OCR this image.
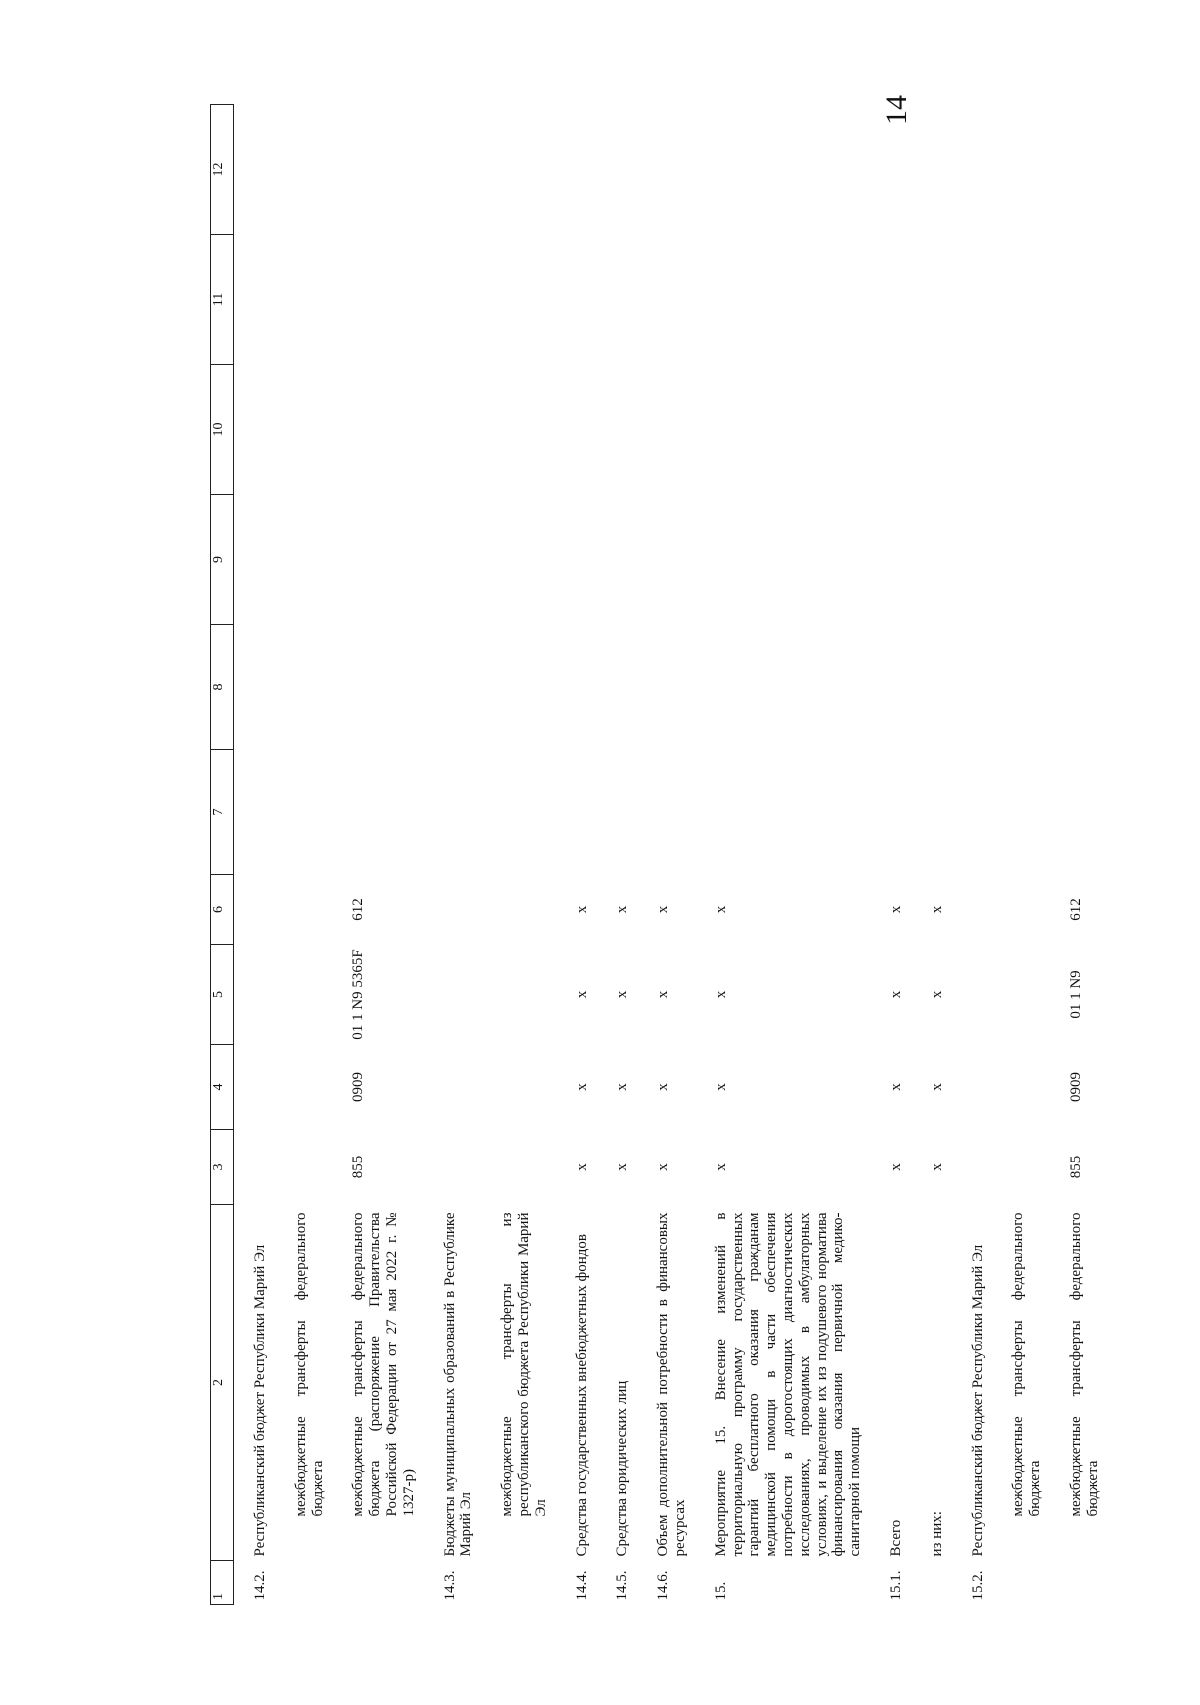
14
1	2	3	4	5	6	7	8	9	10	11	12
14.2.	Республиканский бюджет Республики Марий Эл										
	межбюджетные трансферты федерального бюджета										
	межбюджетные трансферты федерального бюджета (распоряжение Правительства Российской Федерации от 27 мая 2022 г. № 1327-р)	855	0909	01 1 N9 5365F	612						
14.3.	Бюджеты муниципальных образований в Республике Марий Эл										
	межбюджетные трансферты из республиканского бюджета Республики Марий Эл										
14.4.	Средства государственных внебюджетных фондов	х	х	х	х						
14.5.	Средства юридических лиц	х	х	х	х						
14.6.	Объем дополнительной потребности в финансовых ресурсах	х	х	х	х						
15.	Мероприятие 15. Внесение изменений в территориальную программу государственных гарантий бесплатного оказания гражданам медицинской помощи в части обеспечения потребности в дорогостоящих диагностических исследованиях, проводимых в амбулаторных условиях, и выделение их из подушевого норматива финансирования оказания первичной медико-санитарной помощи	х	х	х	х						
15.1.	Всего	х	х	х	х						
	из них:	х	х	х	х						
15.2.	Республиканский бюджет Республики Марий Эл										
	межбюджетные трансферты федерального бюджета										
	межбюджетные трансферты федерального бюджета	855	0909	01 1 N9	612						
